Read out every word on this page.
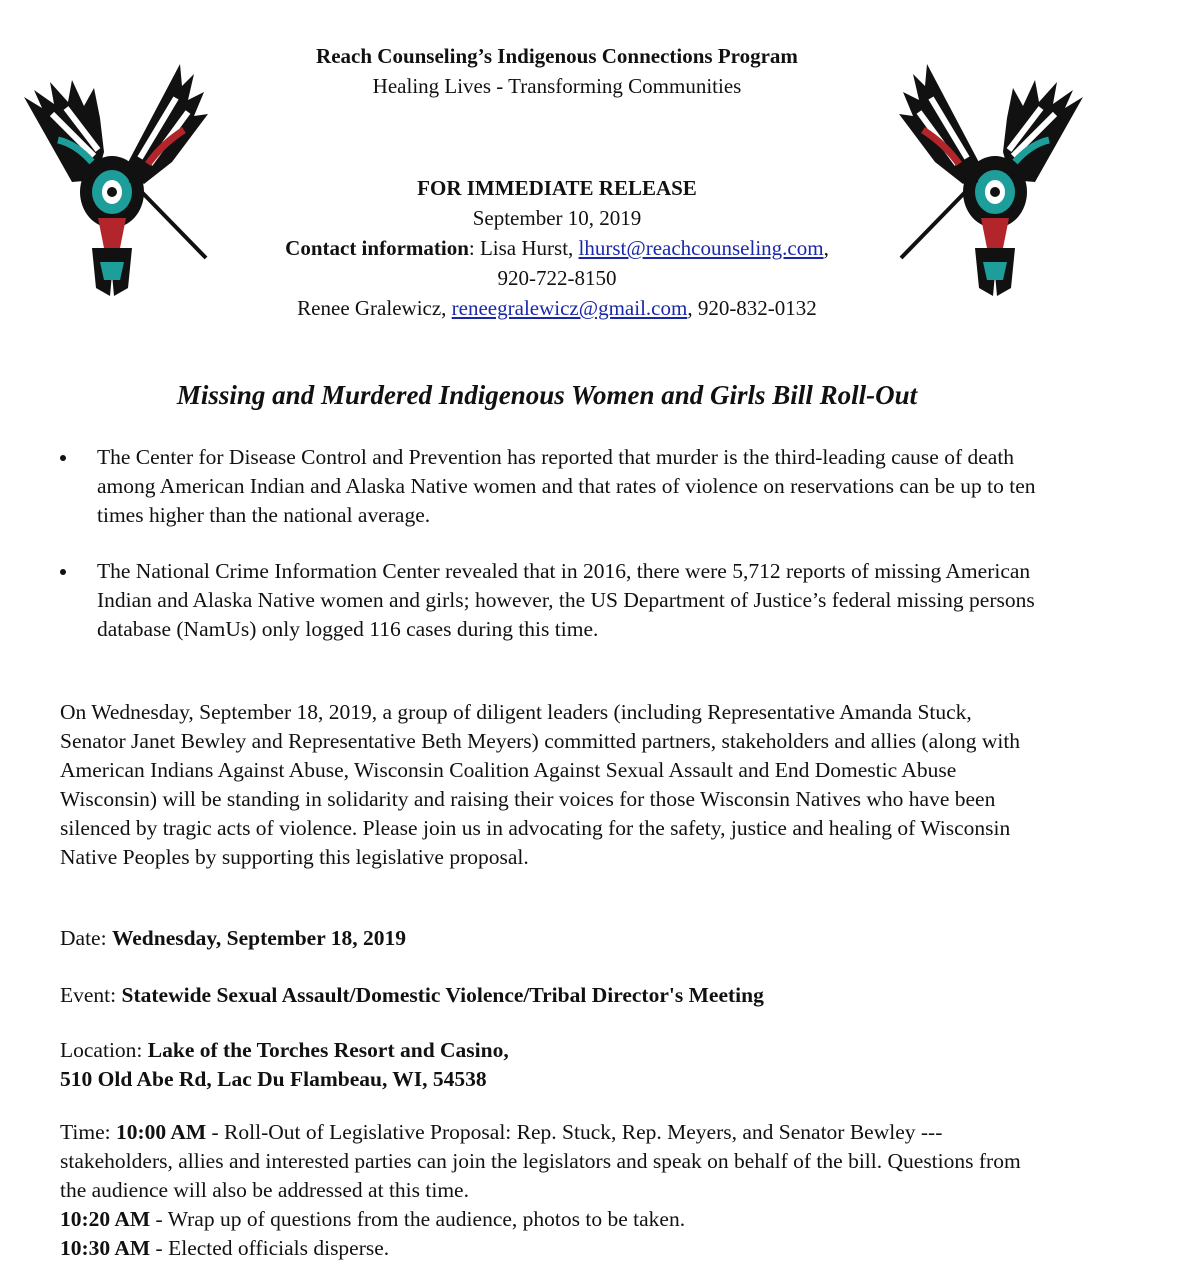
Reach Counseling’s Indigenous Connections Program
Healing Lives - Transforming Communities
FOR IMMEDIATE RELEASE
September 10, 2019
Contact information: Lisa Hurst, lhurst@reachcounseling.com,
920-722-8150
Renee Gralewicz, reneegralewicz@gmail.com, 920-832-0132
Missing and Murdered Indigenous Women and Girls Bill Roll-Out
The Center for Disease Control and Prevention has reported that murder is the third-leading cause of death among American Indian and Alaska Native women and that rates of violence on reservations can be up to ten times higher than the national average.
The National Crime Information Center revealed that in 2016, there were 5,712 reports of missing American Indian and Alaska Native women and girls; however, the US Department of Justice’s federal missing persons database (NamUs) only logged 116 cases during this time.

On Wednesday, September 18, 2019, a group of diligent leaders (including Representative Amanda Stuck, Senator Janet Bewley and Representative Beth Meyers) committed partners, stakeholders and allies (along with American Indians Against Abuse, Wisconsin Coalition Against Sexual Assault and End Domestic Abuse Wisconsin) will be standing in solidarity and raising their voices for those Wisconsin Natives who have been silenced by tragic acts of violence. Please join us in advocating for the safety, justice and healing of Wisconsin Native Peoples by supporting this legislative proposal.

Date: Wednesday, September 18, 2019

Event: Statewide Sexual Assault/Domestic Violence/Tribal Director's Meeting

Location: Lake of the Torches Resort and Casino,
510 Old Abe Rd, Lac Du Flambeau, WI, 54538

Time: 10:00 AM - Roll-Out of Legislative Proposal: Rep. Stuck, Rep. Meyers, and Senator Bewley --- stakeholders, allies and interested parties can join the legislators and speak on behalf of the bill. Questions from the audience will also be addressed at this time.

10:20 AM - Wrap up of questions from the audience, photos to be taken.

10:30 AM - Elected officials disperse.
